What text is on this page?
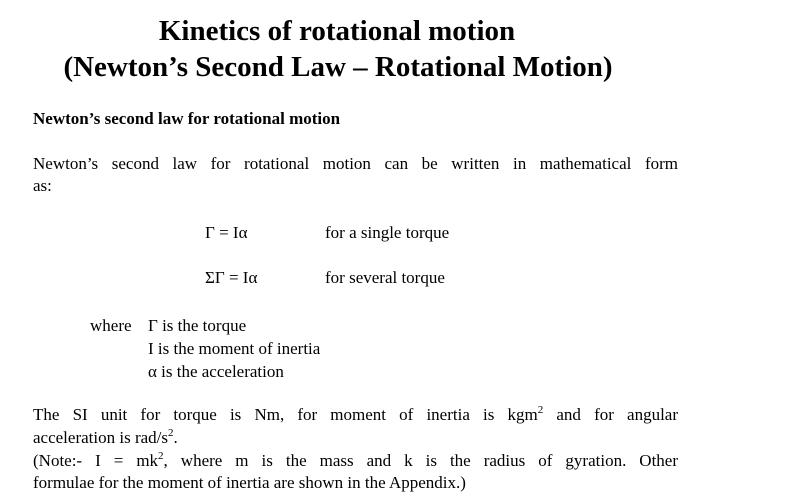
Kinetics of rotational motion
(Newton’s Second Law – Rotational Motion)
Newton’s second law for rotational motion
Newton’s second law for rotational motion can be written in mathematical form
as:
Γ = Iα	for a single torque
ΣΓ = Iα	for several torque
where Γ is the torque
I is the moment of inertia
α is the acceleration
The SI unit for torque is Nm, for moment of inertia is kgm$^2$ and for angular
acceleration is rad/$s^2$.
(Note:- $I = mk^2$, where m is the mass and k is the radius of gyration. Other
formulae for the moment of inertia are shown in the Appendix.)
